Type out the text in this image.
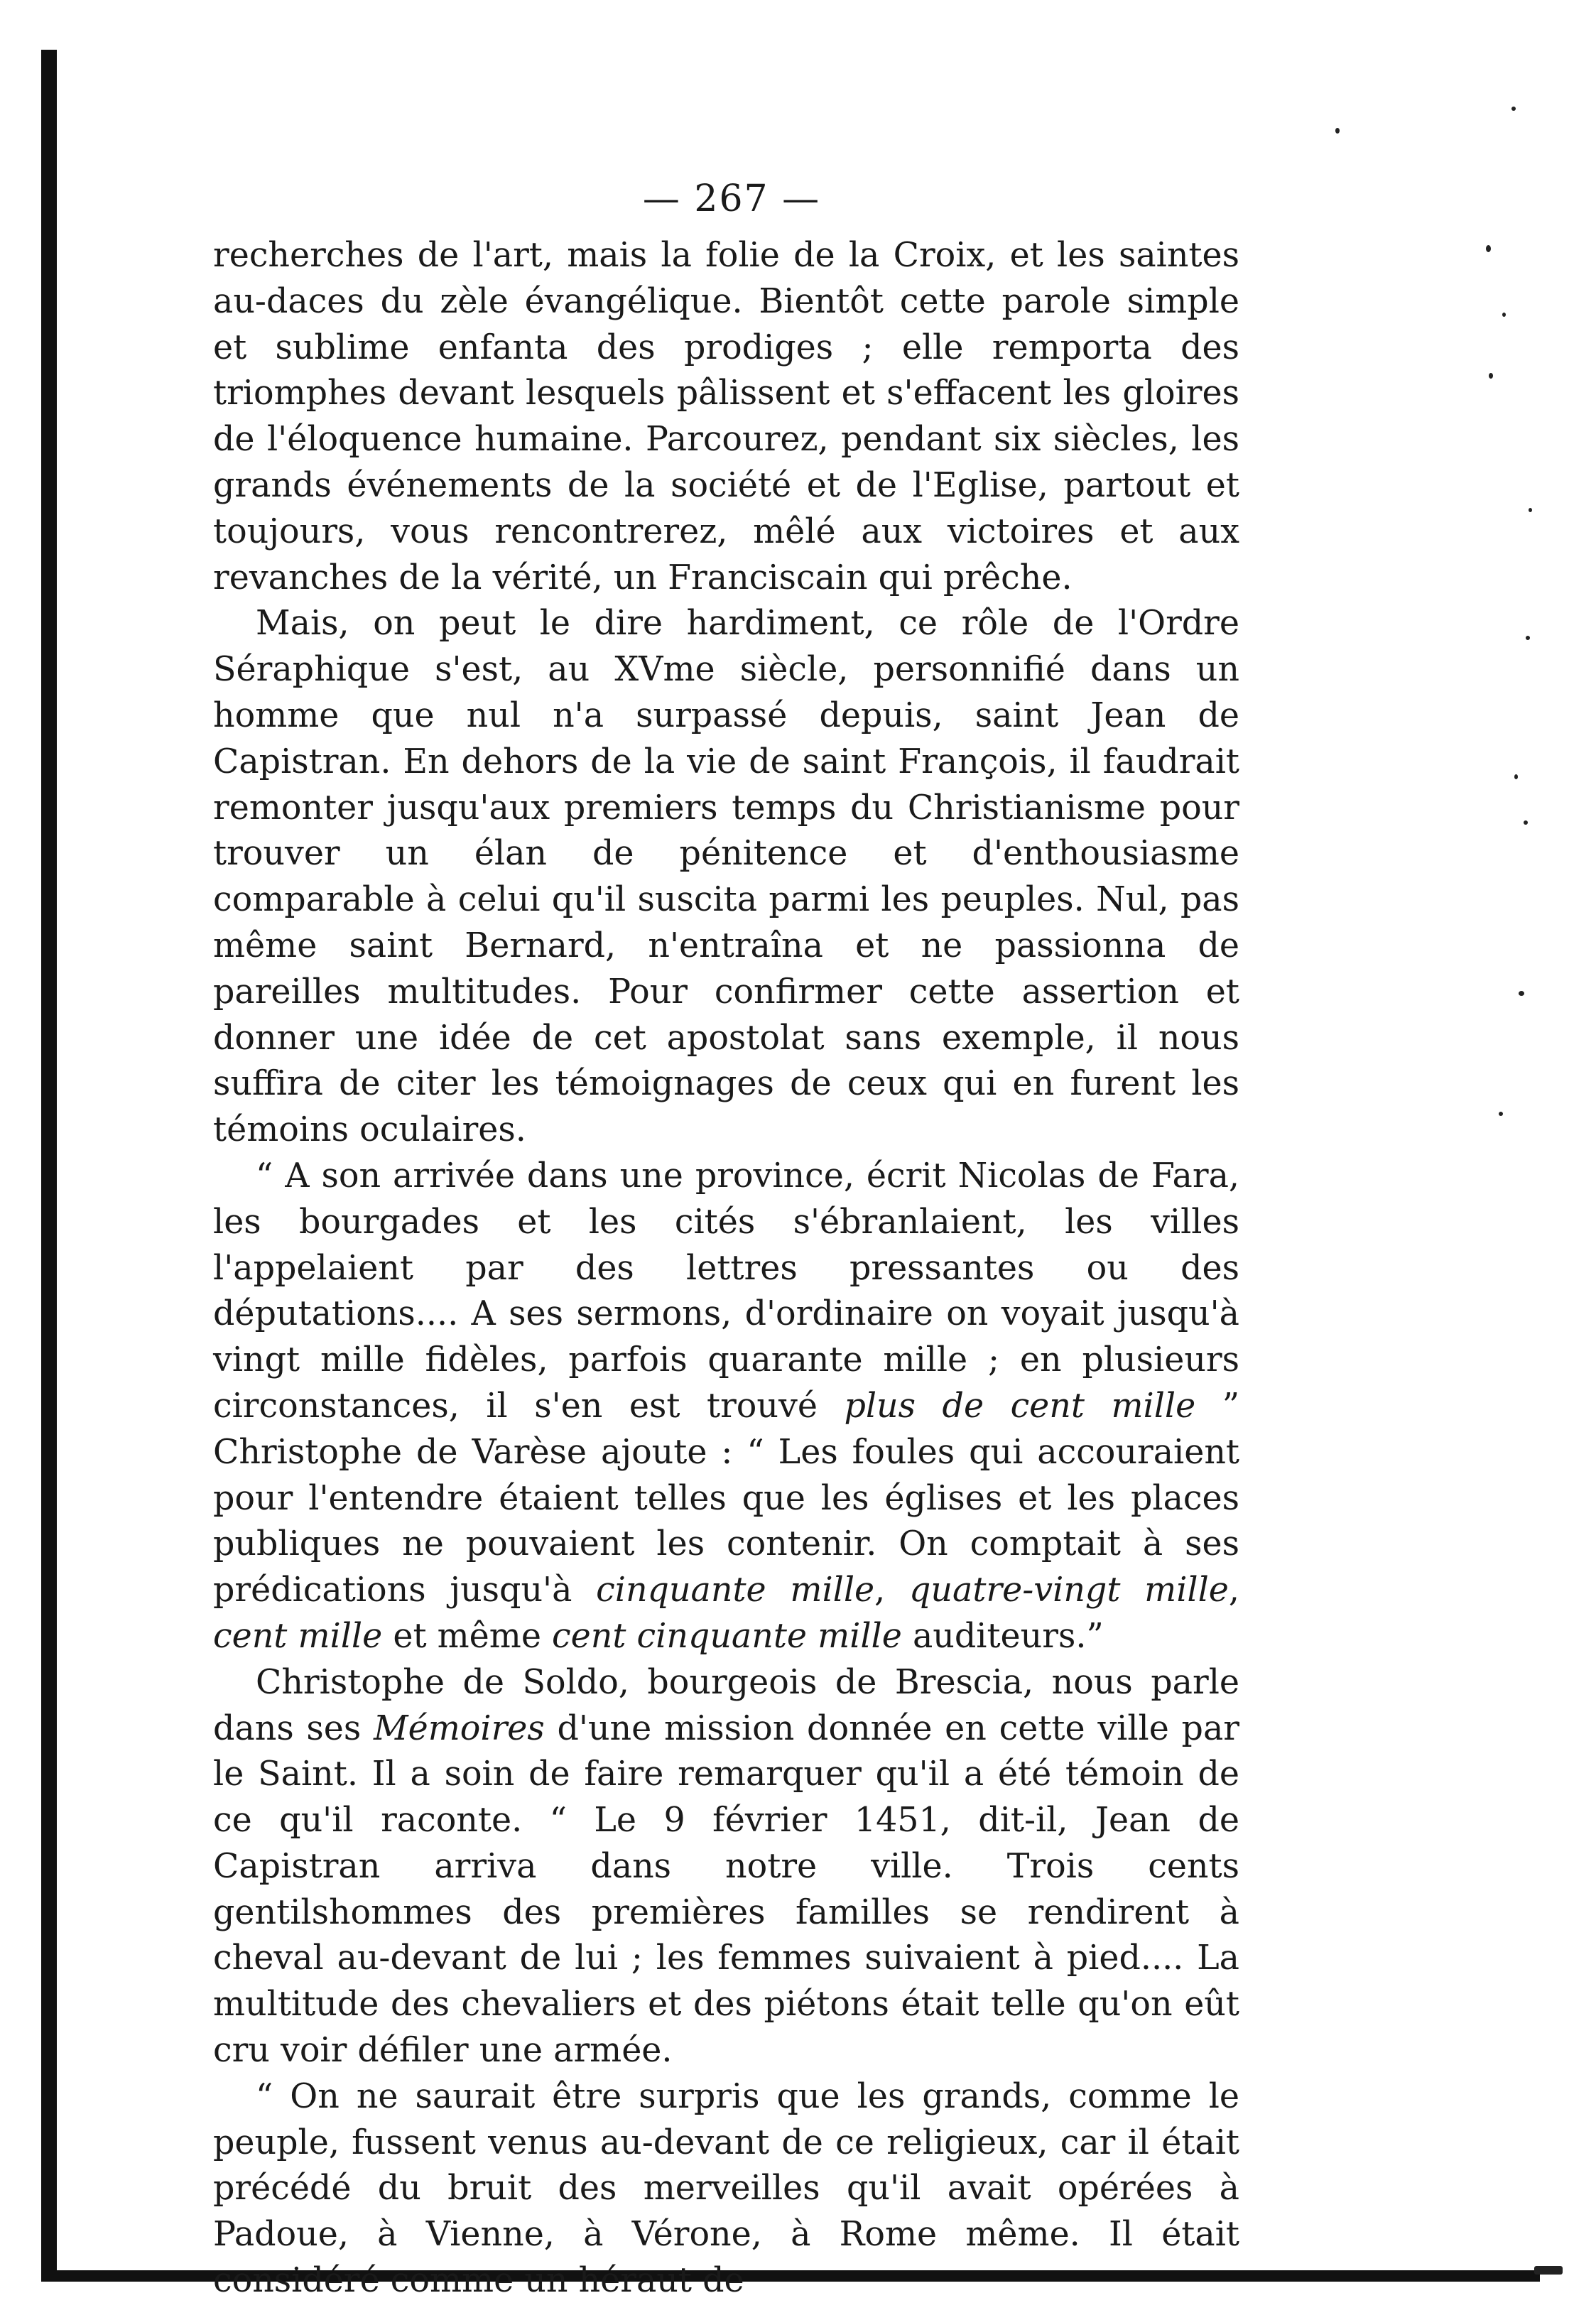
— 267 —

recherches de l'art, mais la folie de la Croix, et les saintes au-daces du zèle évangélique. Bientôt cette parole simple et sublime enfanta des prodiges ; elle remporta des triomphes devant lesquels pâlissent et s'effacent les gloires de l'éloquence humaine. Parcourez, pendant six siècles, les grands événements de la société et de l'Eglise, partout et toujours, vous rencontrerez, mêlé aux victoires et aux revanches de la vérité, un Franciscain qui prêche.

Mais, on peut le dire hardiment, ce rôle de l'Ordre Séraphique s'est, au XVme siècle, personnifié dans un homme que nul n'a surpassé depuis, saint Jean de Capistran. En dehors de la vie de saint François, il faudrait remonter jusqu'aux premiers temps du Christianisme pour trouver un élan de pénitence et d'enthousiasme comparable à celui qu'il suscita parmi les peuples. Nul, pas même saint Bernard, n'entraîna et ne passionna de pareilles multitudes. Pour confirmer cette assertion et donner une idée de cet apostolat sans exemple, il nous suffira de citer les témoignages de ceux qui en furent les témoins oculaires.

“ A son arrivée dans une province, écrit Nicolas de Fara, les bourgades et les cités s'ébranlaient, les villes l'appelaient par des lettres pressantes ou des députations.... A ses sermons, d'ordinaire on voyait jusqu'à vingt mille fidèles, parfois quarante mille ; en plusieurs circonstances, il s'en est trouvé plus de cent mille ” Christophe de Varèse ajoute : “ Les foules qui accouraient pour l'entendre étaient telles que les églises et les places publiques ne pouvaient les contenir. On comptait à ses prédications jusqu'à cinquante mille, quatre-vingt mille, cent mille et même cent cinquante mille auditeurs.”

Christophe de Soldo, bourgeois de Brescia, nous parle dans ses Mémoires d'une mission donnée en cette ville par le Saint. Il a soin de faire remarquer qu'il a été témoin de ce qu'il raconte. “ Le 9 février 1451, dit-il, Jean de Capistran arriva dans notre ville. Trois cents gentilshommes des premières familles se rendirent à cheval au-devant de lui ; les femmes suivaient à pied.... La multitude des chevaliers et des piétons était telle qu'on eût cru voir défiler une armée.

“ On ne saurait être surpris que les grands, comme le peuple, fussent venus au-devant de ce religieux, car il était précédé du bruit des merveilles qu'il avait opérées à Padoue, à Vienne, à Vérone, à Rome même. Il était considéré comme un héraut de
